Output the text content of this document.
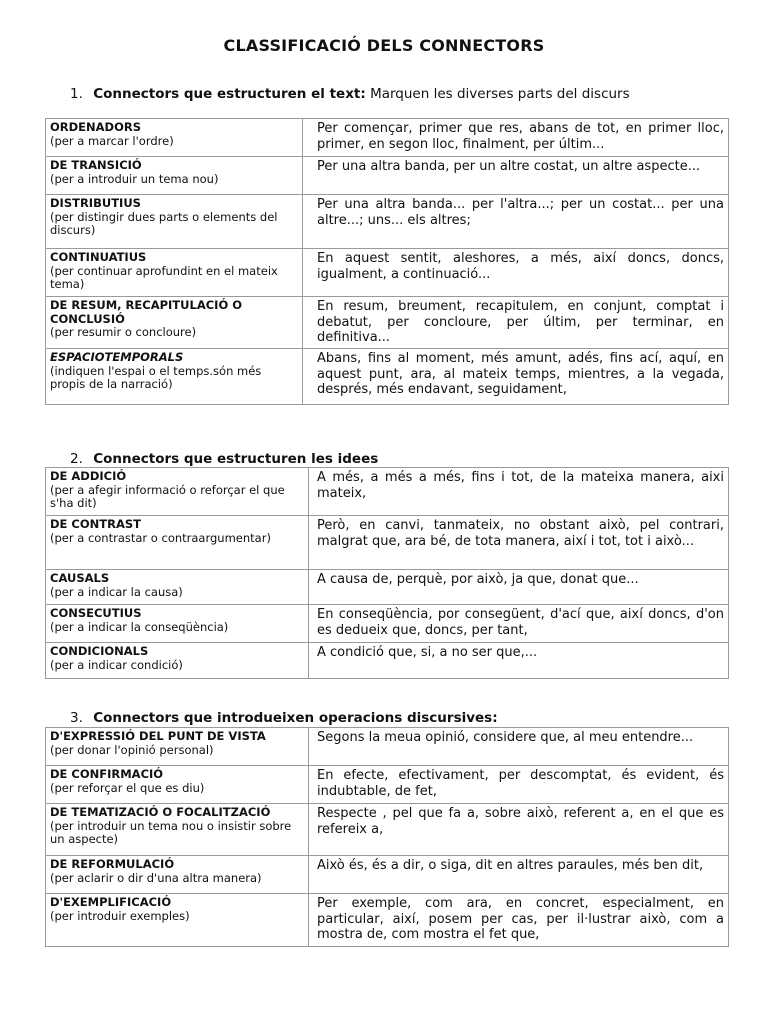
CLASSIFICACIÓ DELS CONNECTORS
1. Connectors que estructuren el text: Marquen les diverses parts del discurs
ORDENADORS
(per a marcar l'ordre)	Per començar, primer que res, abans de tot, en primer lloc, primer, en segon lloc, finalment, per últim...

DE TRANSICIÓ
(per a introduir un tema nou)	Per una altra banda, per un altre costat, un altre aspecte...

DISTRIBUTIUS
(per distingir dues parts o elements del discurs)	Per una altra banda... per l'altra...; per un costat... per una altre...; uns... els altres;

CONTINUATIUS
(per continuar aprofundint en el mateix tema)	En aquest sentit, aleshores, a més, així doncs, doncs, igualment, a continuació...

DE RESUM, RECAPITULACIÓ O CONCLUSIÓ
(per resumir o concloure)	En resum, breument, recapitulem, en conjunt, comptat i debatut, per concloure, per últim, per terminar, en definitiva...

ESPACIOTEMPORALS
(indiquen l'espai o el temps.són més propis de la narració)	Abans, fins al moment, més amunt, adés, fins ací, aquí, en aquest punt, ara, al mateix temps, mientres, a la vegada, després, més endavant, seguidament,
2. Connectors que estructuren les idees
DE ADDICIÓ
(per a afegir informació o reforçar el que s'ha dit)	A més, a més a més, fins i tot, de la mateixa manera, aixi mateix,

DE CONTRAST
(per a contrastar o contraargumentar)	Però, en canvi, tanmateix, no obstant això, pel contrari, malgrat que, ara bé, de tota manera, així i tot, tot i això...

CAUSALS
(per a indicar la causa)	A causa de, perquè, por això, ja que, donat que...

CONSECUTIUS
(per a indicar la conseqüència)	En conseqüència, por consegüent, d'ací que, així doncs, d'on es dedueix que, doncs, per tant,

CONDICIONALS
(per a indicar condició)	A condició que, si, a no ser que,...
3. Connectors que introdueixen operacions discursives:
D'EXPRESSIÓ DEL PUNT DE VISTA
(per donar l'opinió personal)	Segons la meua opinió, considere que, al meu entendre...

DE CONFIRMACIÓ
(per reforçar el que es diu)	En efecte, efectivament, per descomptat, és evident, és indubtable, de fet,

DE TEMATIZACIÓ O FOCALITZACIÓ
(per introduir un tema nou o insistir sobre un aspecte)	Respecte , pel que fa a, sobre això, referent a, en el que es refereix a,

DE REFORMULACIÓ
(per aclarir o dir d'una altra manera)	Això és, és a dir, o siga, dit en altres paraules, més ben dit,

D'EXEMPLIFICACIÓ
(per introduir exemples)	Per exemple, com ara, en concret, especialment, en particular, així, posem per cas, per il·lustrar això, com a mostra de, com mostra el fet que,
